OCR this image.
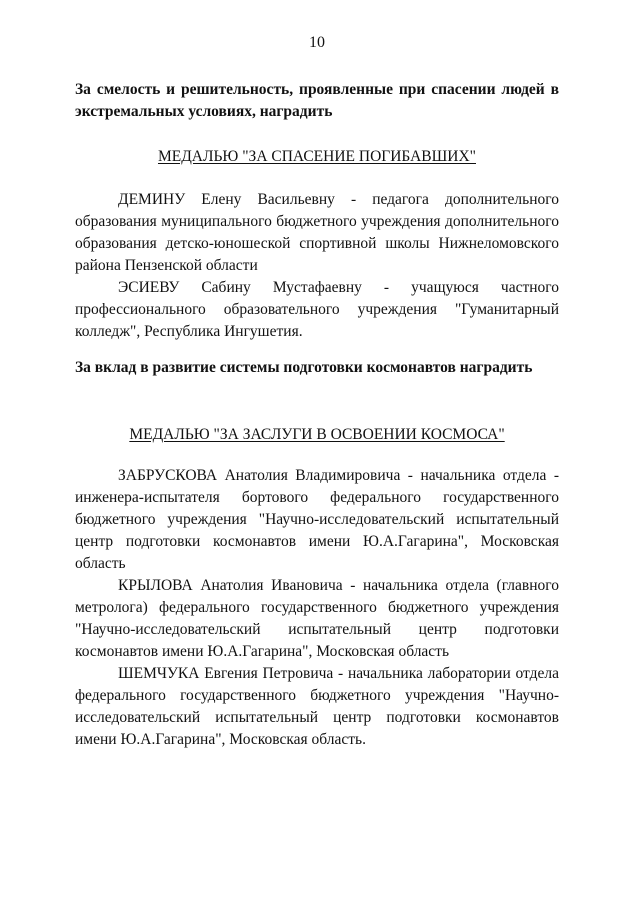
10
За смелость и решительность, проявленные при спасении людей в экстремальных условиях, наградить
МЕДАЛЬЮ "ЗА СПАСЕНИЕ ПОГИБАВШИХ"

ДЕМИНУ Елену Васильевну - педагога дополнительного образования муниципального бюджетного учреждения дополнительного образования детско-юношеской спортивной школы Нижнеломовского района Пензенской области

ЭСИЕВУ Сабину Мустафаевну - учащуюся частного профессионального образовательного учреждения "Гуманитарный колледж", Республика Ингушетия.

За вклад в развитие системы подготовки космонавтов наградить
МЕДАЛЬЮ "ЗА ЗАСЛУГИ В ОСВОЕНИИ КОСМОСА"

ЗАБРУСКОВА Анатолия Владимировича - начальника отдела - инженера-испытателя бортового федерального государственного бюджетного учреждения "Научно-исследовательский испытательный центр подготовки космонавтов имени Ю.А.Гагарина", Московская область

КРЫЛОВА Анатолия Ивановича - начальника отдела (главного метролога) федерального государственного бюджетного учреждения "Научно-исследовательский испытательный центр подготовки космонавтов имени Ю.А.Гагарина", Московская область

ШЕМЧУКА Евгения Петровича - начальника лаборатории отдела федерального государственного бюджетного учреждения "Научно-исследовательский испытательный центр подготовки космонавтов имени Ю.А.Гагарина", Московская область.
